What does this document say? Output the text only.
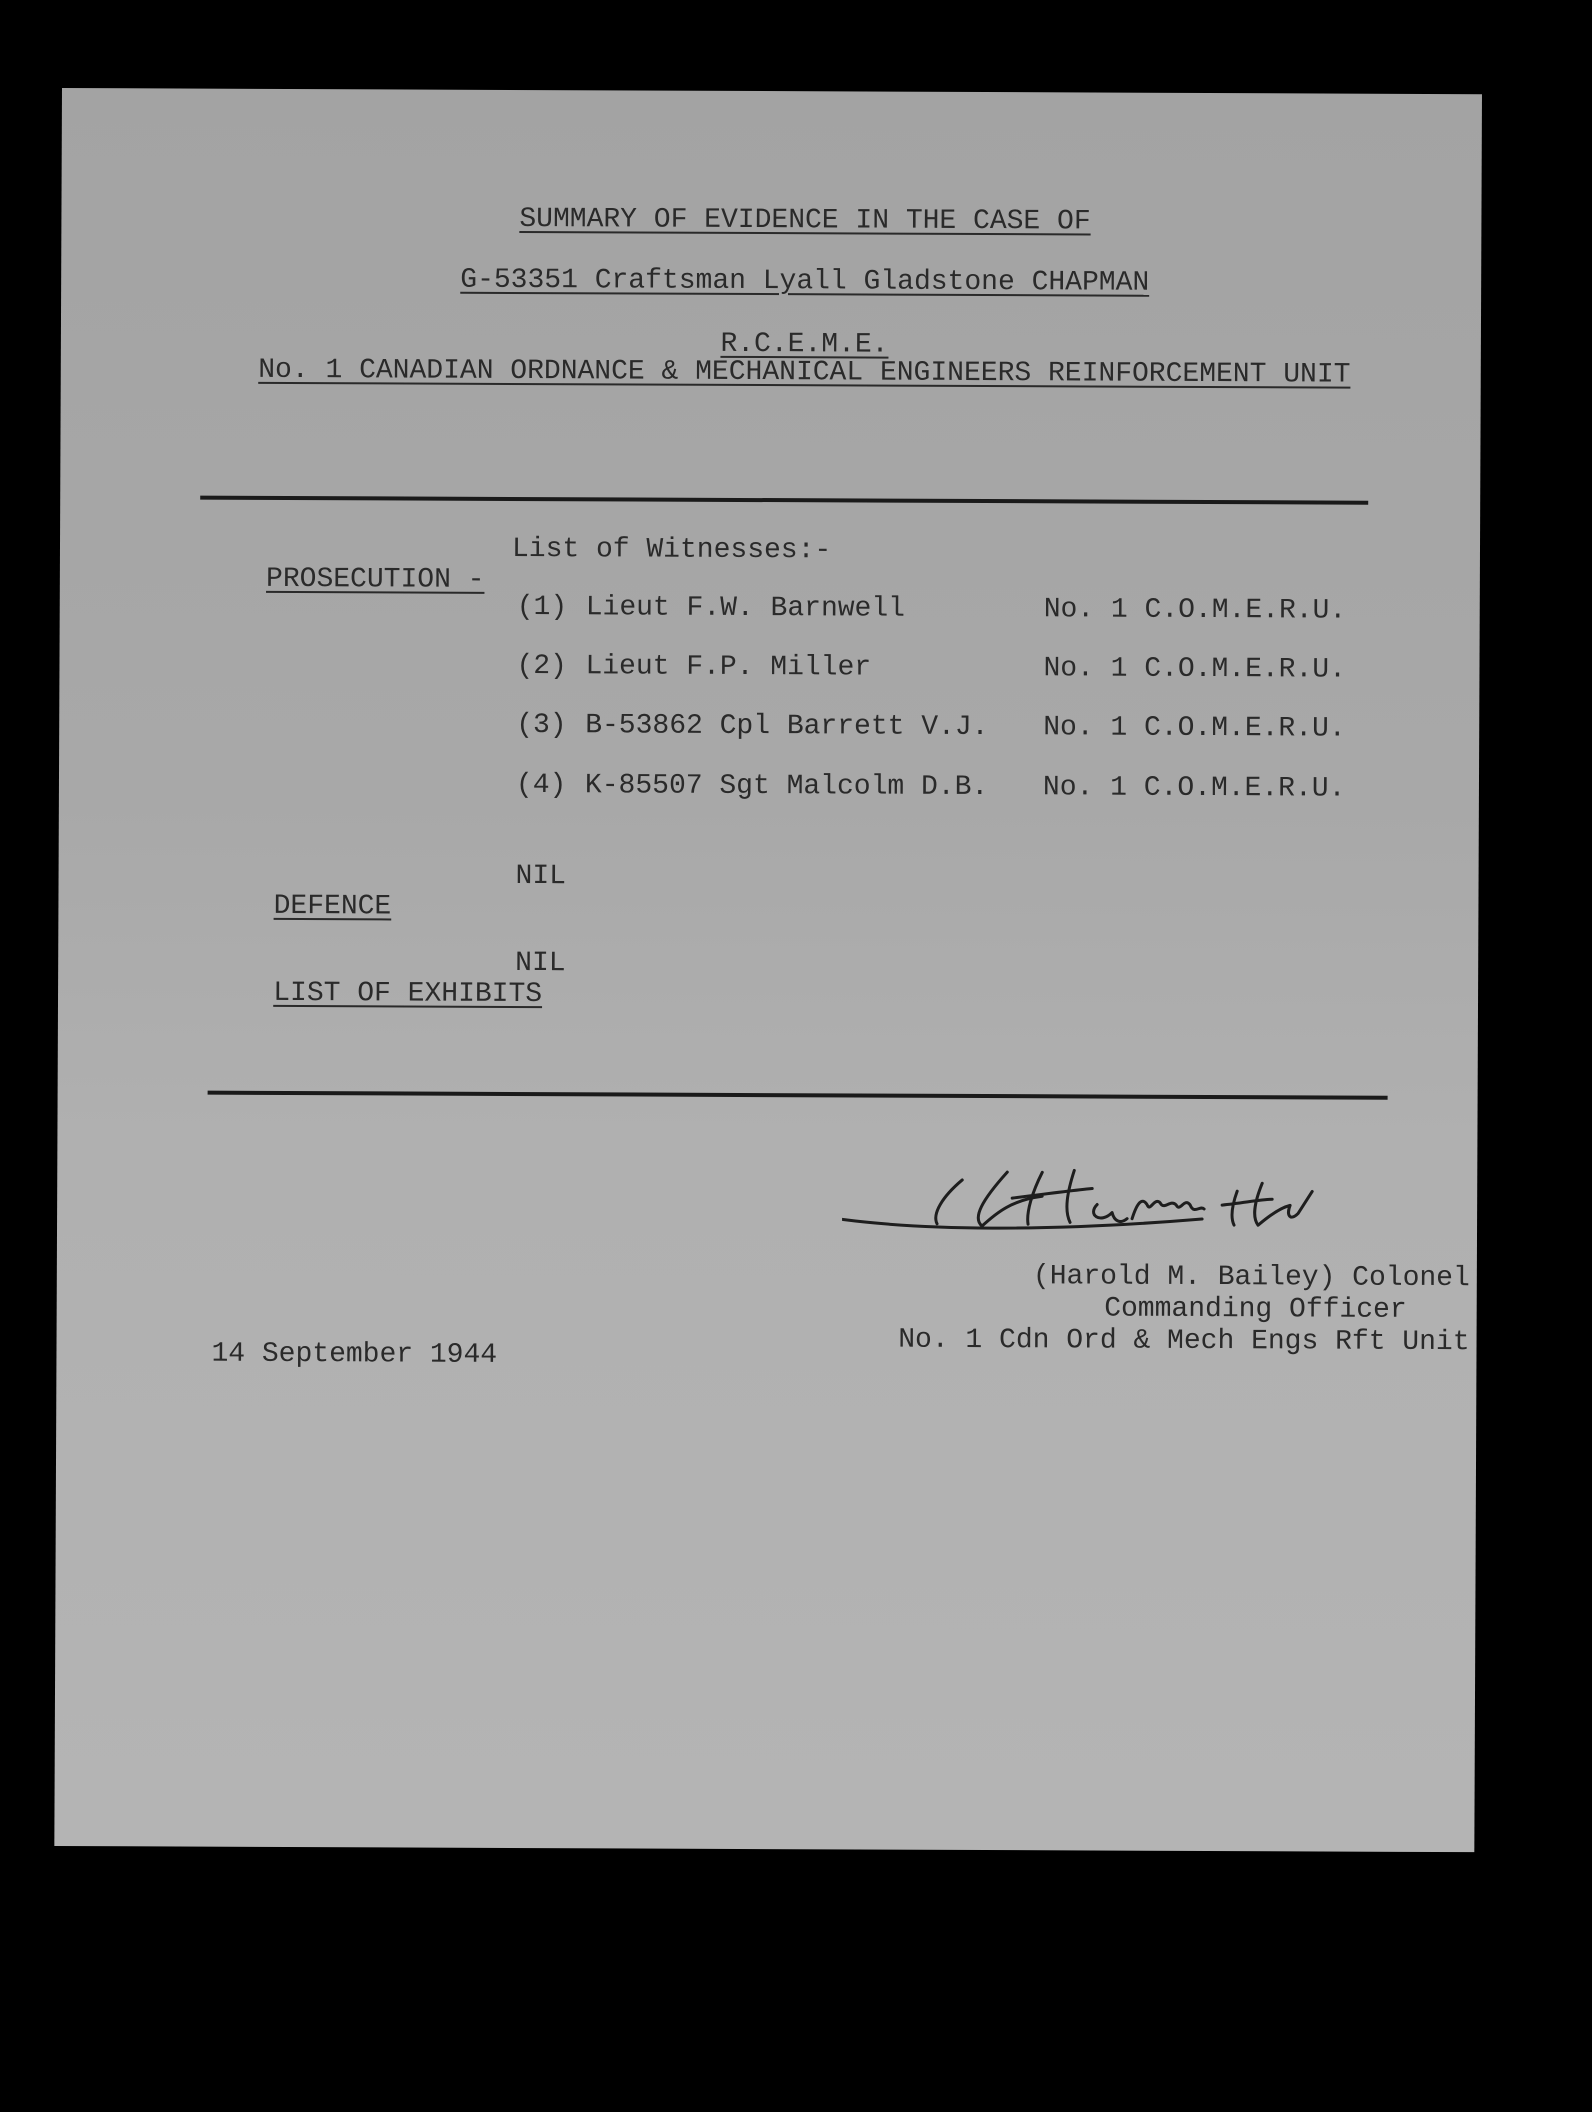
SUMMARY OF EVIDENCE IN THE CASE OF

G-53351 Craftsman Lyall Gladstone CHAPMAN

R.C.E.M.E.

No. 1 CANADIAN ORDNANCE & MECHANICAL ENGINEERS REINFORCEMENT UNIT

PROSECUTION -

List of Witnesses:-
(1) Lieut F.W. Barnwell	No. 1 C.O.M.E.R.U.
(2) Lieut F.P. Miller	No. 1 C.O.M.E.R.U.
(3) B-53862 Cpl Barrett V.J. No. 1 C.O.M.E.R.U.
(4) K-85507 Sgt Malcolm D.B. No. 1 C.O.M.E.R.U.

DEFENCE

NIL

LIST OF EXHIBITS

NIL
(Harold M. Bailey) Colonel
Commanding Officer
No. 1 Cdn Ord & Mech Engs Rft Unit
14 September 1944
